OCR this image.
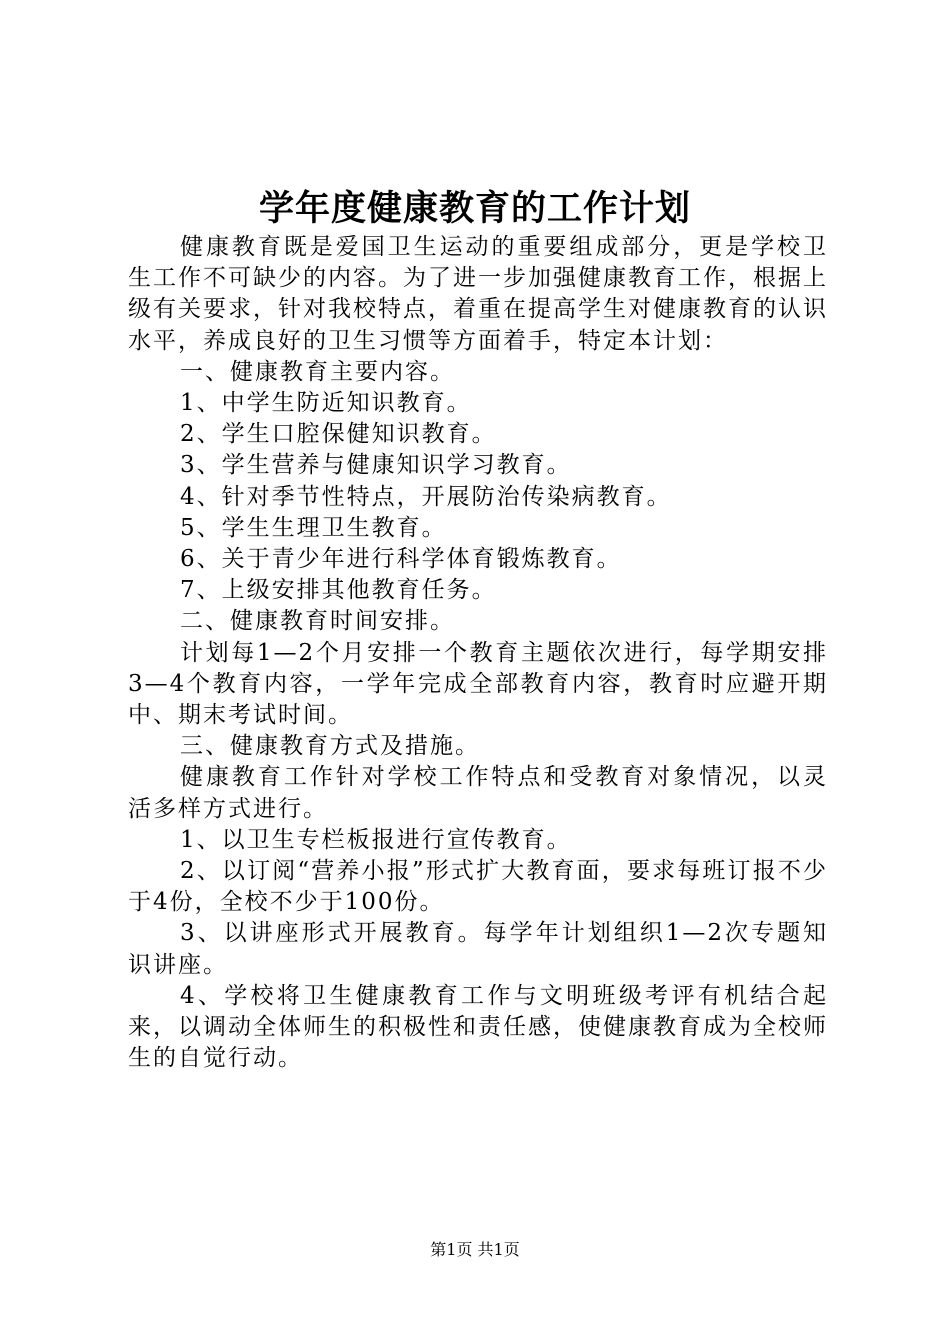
学年度健康教育的工作计划

健康教育既是爱国卫生运动的重要组成部分，更是学校卫生工作不可缺少的内容。为了进一步加强健康教育工作，根据上级有关要求，针对我校特点，着重在提高学生对健康教育的认识水平，养成良好的卫生习惯等方面着手，特定本计划：

一、健康教育主要内容。

1、中学生防近知识教育。

2、学生口腔保健知识教育。

3、学生营养与健康知识学习教育。

4、针对季节性特点，开展防治传染病教育。

5、学生生理卫生教育。

6、关于青少年进行科学体育锻炼教育。

7、上级安排其他教育任务。

二、健康教育时间安排。

计划每1—2个月安排一个教育主题依次进行，每学期安排3—4个教育内容，一学年完成全部教育内容，教育时应避开期中、期末考试时间。

三、健康教育方式及措施。

健康教育工作针对学校工作特点和受教育对象情况，以灵活多样方式进行。

1、以卫生专栏板报进行宣传教育。

2、以订阅“营养小报”形式扩大教育面，要求每班订报不少于4份，全校不少于100份。

3、以讲座形式开展教育。每学年计划组织1—2次专题知识讲座。

4、学校将卫生健康教育工作与文明班级考评有机结合起来，以调动全体师生的积极性和责任感，使健康教育成为全校师生的自觉行动。

第1页 共1页
